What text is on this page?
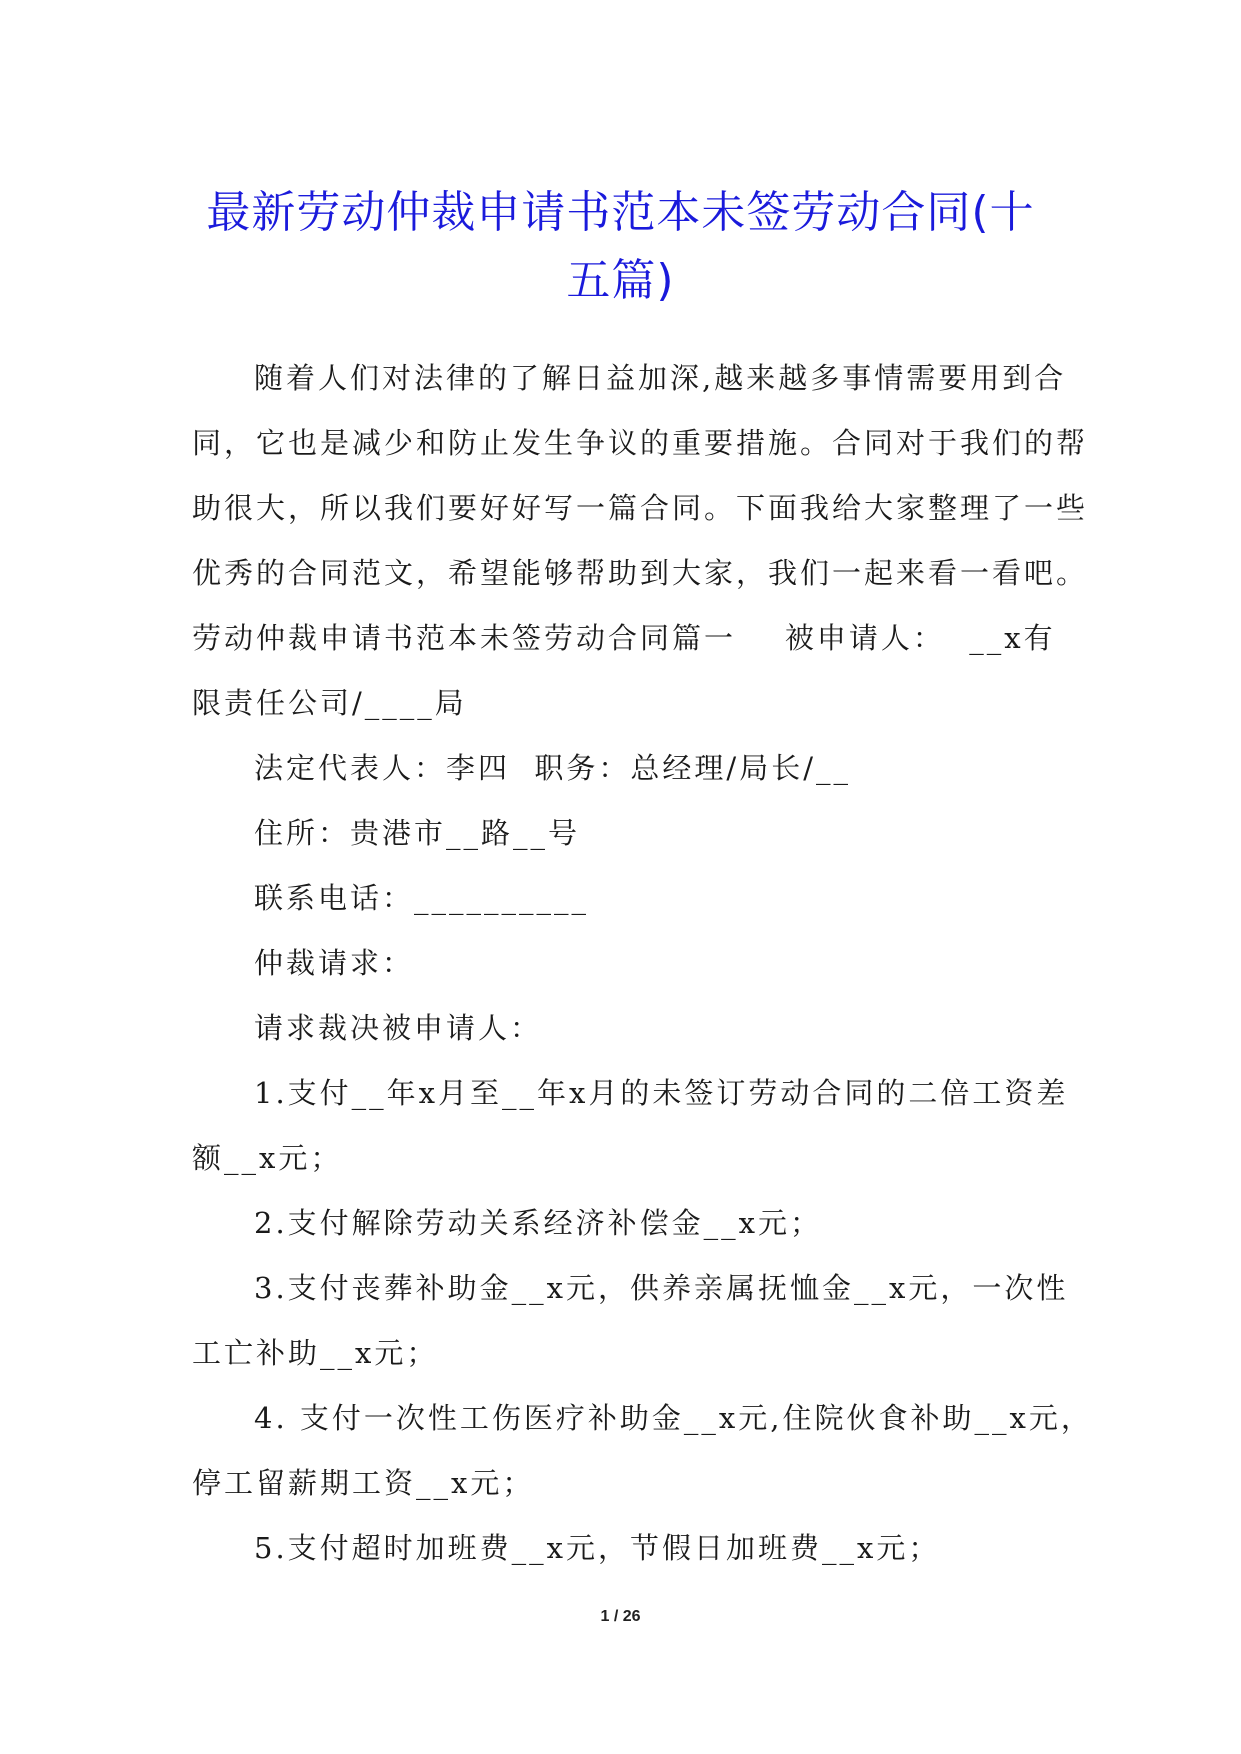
最新劳动仲裁申请书范本未签劳动合同(十
五篇)

随着人们对法律的了解日益加深,越来越多事情需要用到合
同，它也是减少和防止发生争议的重要措施。合同对于我们的帮
助很大，所以我们要好好写一篇合同。下面我给大家整理了一些
优秀的合同范文，希望能够帮助到大家，我们一起来看一看吧。
劳动仲裁申请书范本未签劳动合同篇一    被申请人：  __x有
限责任公司/____局

法定代表人：李四  职务：总经理/局长/__

住所：贵港市__路__号

联系电话：__________

仲裁请求：

请求裁决被申请人：

1.支付__年x月至__年x月的未签订劳动合同的二倍工资差
额__x元；

2.支付解除劳动关系经济补偿金__x元；

3.支付丧葬补助金__x元，供养亲属抚恤金__x元，一次性
工亡补助__x元；

4. 支付一次性工伤医疗补助金__x元,住院伙食补助__x元，
停工留薪期工资__x元；

5.支付超时加班费__x元，节假日加班费__x元；

1 / 26
